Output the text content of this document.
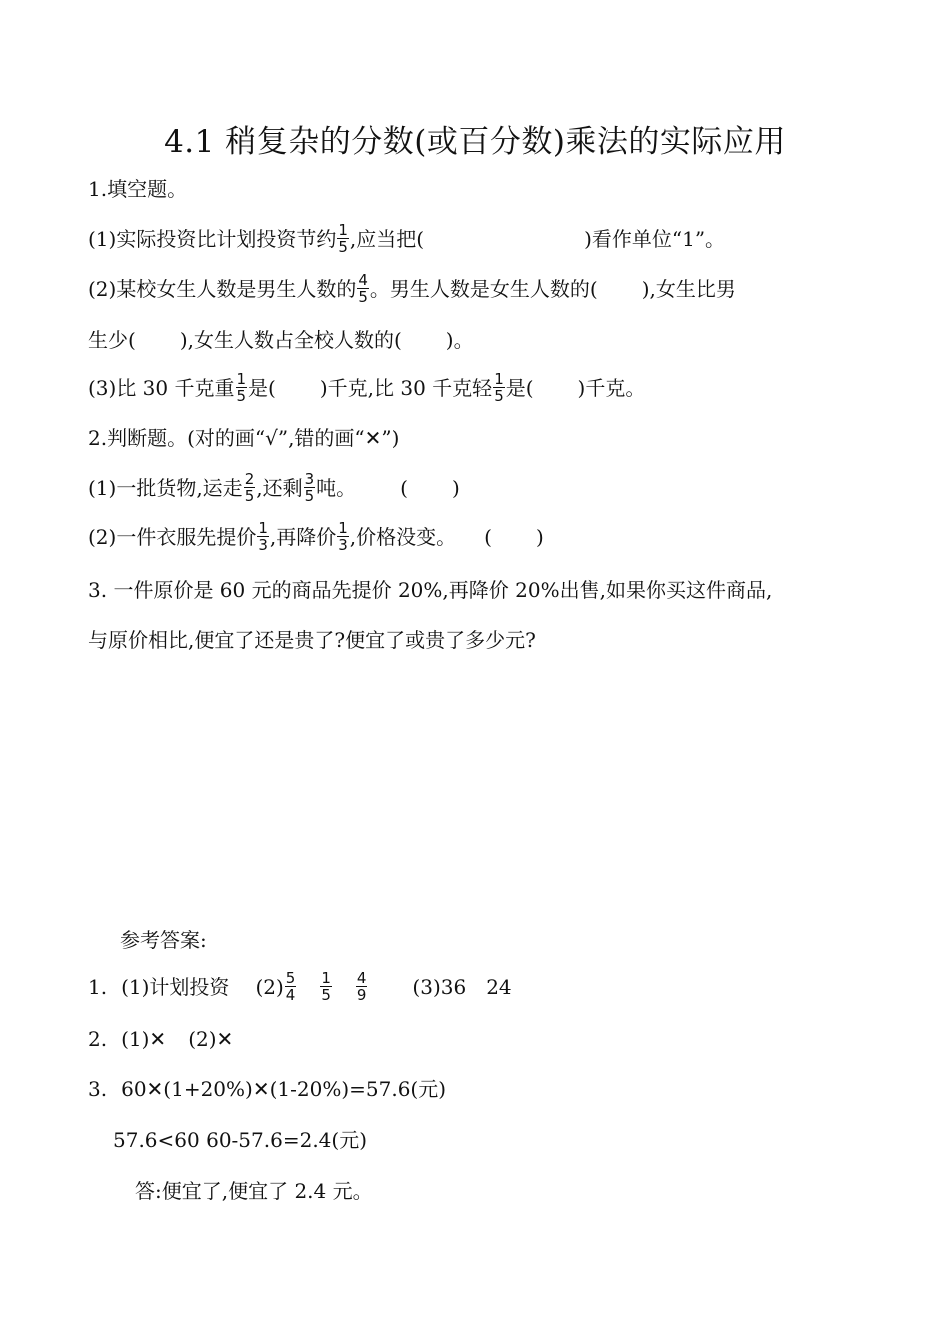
4.1 稍复杂的分数(或百分数)乘法的实际应用
1.填空题。
(1)实际投资比计划投资节约 $\frac{1}{5}$ ,应当把(	)看作单位“1”。
(2)某校女生人数是男生人数的 $\frac{4}{5}$ 。男生人数是女生人数的( ),女生比男
生少( ),女生人数占全校人数的( )。
(3)比 30 千克重 $\frac{1}{5}$ 是( )千克,比 30 千克轻 $\frac{1}{5}$ 是( )千克。
2.判断题。(对的画“√”,错的画“✕”)
(1)一批货物,运走 $\frac{2}{5}$ ,还剩 $\frac{3}{5}$ 吨。 ( )
(2)一件衣服先提价 $\frac{1}{3}$ ,再降价 $\frac{1}{3}$ ,价格没变。 ( )
3. 一件原价是 60 元的商品先提价 20%,再降价 20%出售,如果你买这件商品,
与原价相比,便宜了还是贵了?便宜了或贵了多少元?
参考答案:
1. (1)计划投资 $(2) \frac{5}{4} \frac{1}{5} \frac{4}{9} (3)36$ 24
2. (1)✕ (2)✕
3. 60✕(1+20%)✕(1-20%)=57.6(元)
57.6<60 60-57.6=2.4(元)
答:便宜了,便宜了 2.4 元。
